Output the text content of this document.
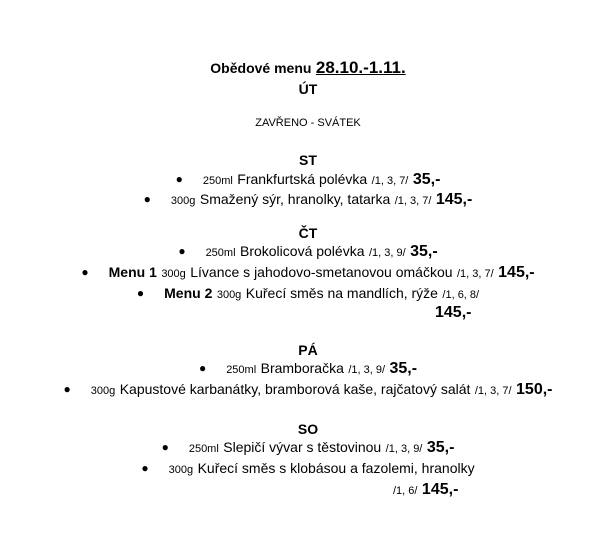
Obědové menu 28.10.-1.11.
ÚT
ZAVŘENO - SVÁTEK
ST
● 250ml Frankfurtská polévka /1, 3, 7/ 35,-
● 300g Smažený sýr, hranolky, tatarka /1, 3, 7/ 145,-
ČT
● 250ml Brokolicová polévka /1, 3, 9/ 35,-
● Menu 1 300g Lívance s jahodovo-smetanovou omáčkou /1, 3, 7/ 145,-
● Menu 2 300g Kuřecí směs na mandlích, rýže /1, 6, 8/
145,-
PÁ
● 250ml Bramboračka /1, 3, 9/ 35,-
● 300g Kapustové karbanátky, bramborová kaše, rajčatový salát /1, 3, 7/ 150,-
SO
● 250ml Slepičí vývar s těstovinou /1, 3, 9/ 35,-
● 300g Kuřecí směs s klobásou a fazolemi, hranolky
/1, 6/ 145,-
